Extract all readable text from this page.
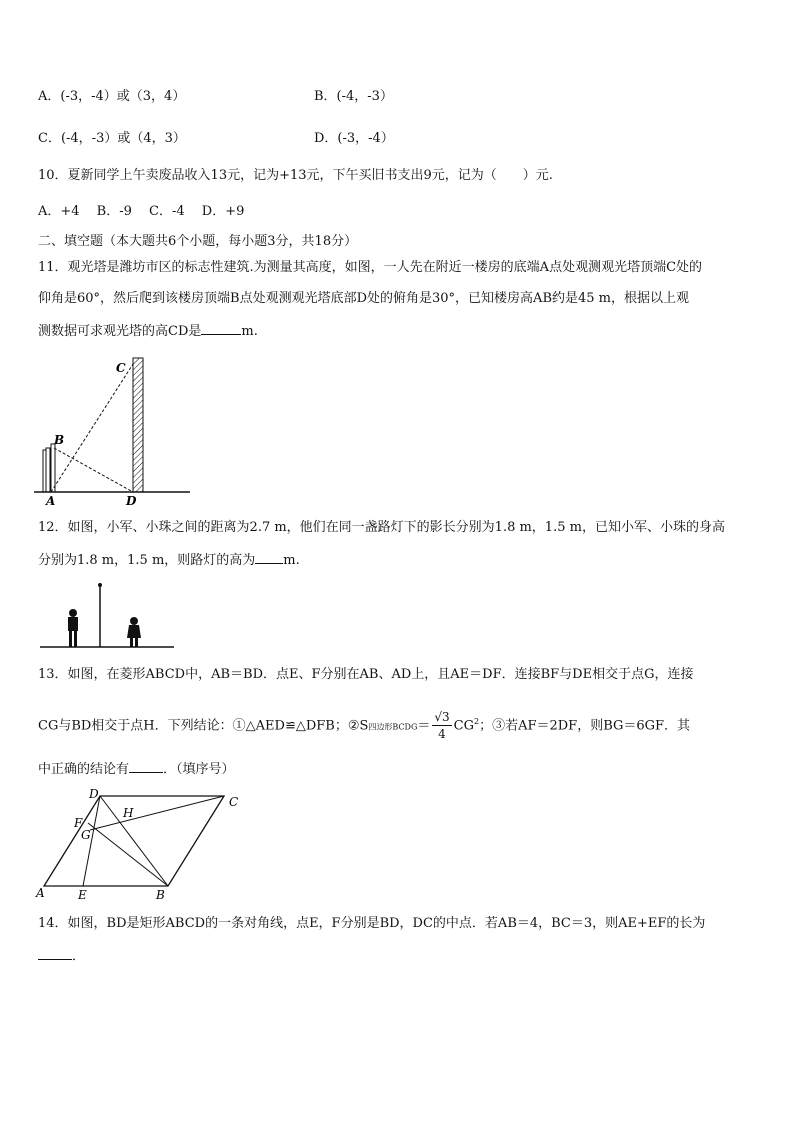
A．(-3，-4）或（3，4）	B．(-4，-3）
C．(-4，-3）或（4，3）	D．(-3，-4）
10．夏新同学上午卖废品收入13元，记为+13元，下午买旧书支出9元，记为（　　）元.
A．+4　 B．-9　 C．-4　 D．+9
二、填空题（本大题共6个小题，每小题3分，共18分）
11．观光塔是潍坊市区的标志性建筑.为测量其高度，如图，一人先在附近一楼房的底端A点处观测观光塔顶端C处的
仰角是60°，然后爬到该楼房顶端B点处观测观光塔底部D处的俯角是30°，已知楼房高AB约是45 m，根据以上观
测数据可求观光塔的高CD是	m.
C
B
A	D
12．如图，小军、小珠之间的距离为2.7 m，他们在同一盏路灯下的影长分别为1.8 m，1.5 m，已知小军、小珠的身高
分别为1.8 m，1.5 m，则路灯的高为 m.
13．如图，在菱形ABCD中，AB＝BD．点E、F分别在AB、AD上，且AE＝DF．连接BF与DE相交于点G，连接
CG与BD相交于点H．下列结论：①△AED≌△DFB；②S四边形BCDG＝ $\frac{√3}{4} CG^2$；③若AF＝2DF，则BG＝6GF．其
中正确的结论有	．（填序号）
D
C
H
F
G
A	E	B
14．如图，BD是矩形ABCD的一条对角线，点E，F分别是BD，DC的中点．若AB＝4，BC＝3，则AE+EF的长为
．
